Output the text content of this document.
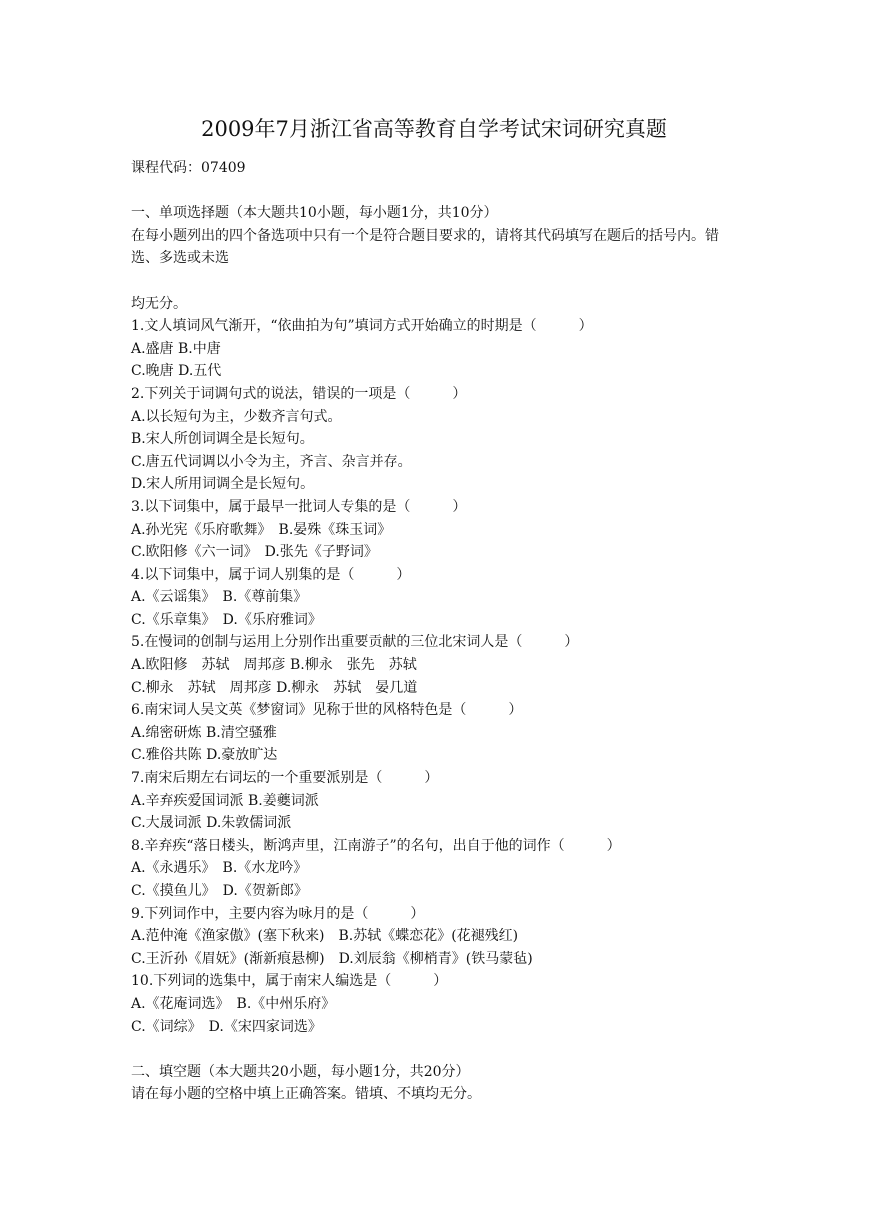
2009年7月浙江省高等教育自学考试宋词研究真题
课程代码：07409
一、单项选择题（本大题共10小题，每小题1分，共10分）
在每小题列出的四个备选项中只有一个是符合题目要求的，请将其代码填写在题后的括号内。错选、多选或未选
均无分。
1.文人填词风气渐开，“依曲拍为句”填词方式开始确立的时期是（　　　）
A.盛唐 B.中唐
C.晚唐 D.五代
2.下列关于词调句式的说法，错误的一项是（　　　）
A.以长短句为主，少数齐言句式。
B.宋人所创词调全是长短句。
C.唐五代词调以小令为主，齐言、杂言并存。
D.宋人所用词调全是长短句。
3.以下词集中，属于最早一批词人专集的是（　　　）
A.孙光宪《乐府歌舞》　B.晏殊《珠玉词》
C.欧阳修《六一词》　D.张先《子野词》
4.以下词集中，属于词人别集的是（　　　）
A.《云谣集》　B.《尊前集》
C.《乐章集》　D.《乐府雅词》
5.在慢词的创制与运用上分别作出重要贡献的三位北宋词人是（　　　）
A.欧阳修　苏轼　周邦彦 B.柳永　张先　苏轼
C.柳永　苏轼　周邦彦 D.柳永　苏轼　晏几道
6.南宋词人吴文英《梦窗词》见称于世的风格特色是（　　　）
A.绵密研炼 B.清空骚雅
C.雅俗共陈 D.豪放旷达
7.南宋后期左右词坛的一个重要派别是（　　　）
A.辛弃疾爱国词派 B.姜夔词派
C.大晟词派 D.朱敦儒词派
8.辛弃疾“落日楼头，断鸿声里，江南游子”的名句，出自于他的词作（　　　）
A.《永遇乐》　B.《水龙吟》
C.《摸鱼儿》　D.《贺新郎》
9.下列词作中，主要内容为咏月的是（　　　）
A.范仲淹《渔家傲》(塞下秋来)　B.苏轼《蝶恋花》(花褪残红)
C.王沂孙《眉妩》(渐新痕悬柳)　D.刘辰翁《柳梢青》(铁马蒙毡)
10.下列词的选集中，属于南宋人编选是（　　　）
A.《花庵词选》　B.《中州乐府》
C.《词综》　D.《宋四家词选》
二、填空题（本大题共20小题，每小题1分，共20分）
请在每小题的空格中填上正确答案。错填、不填均无分。
